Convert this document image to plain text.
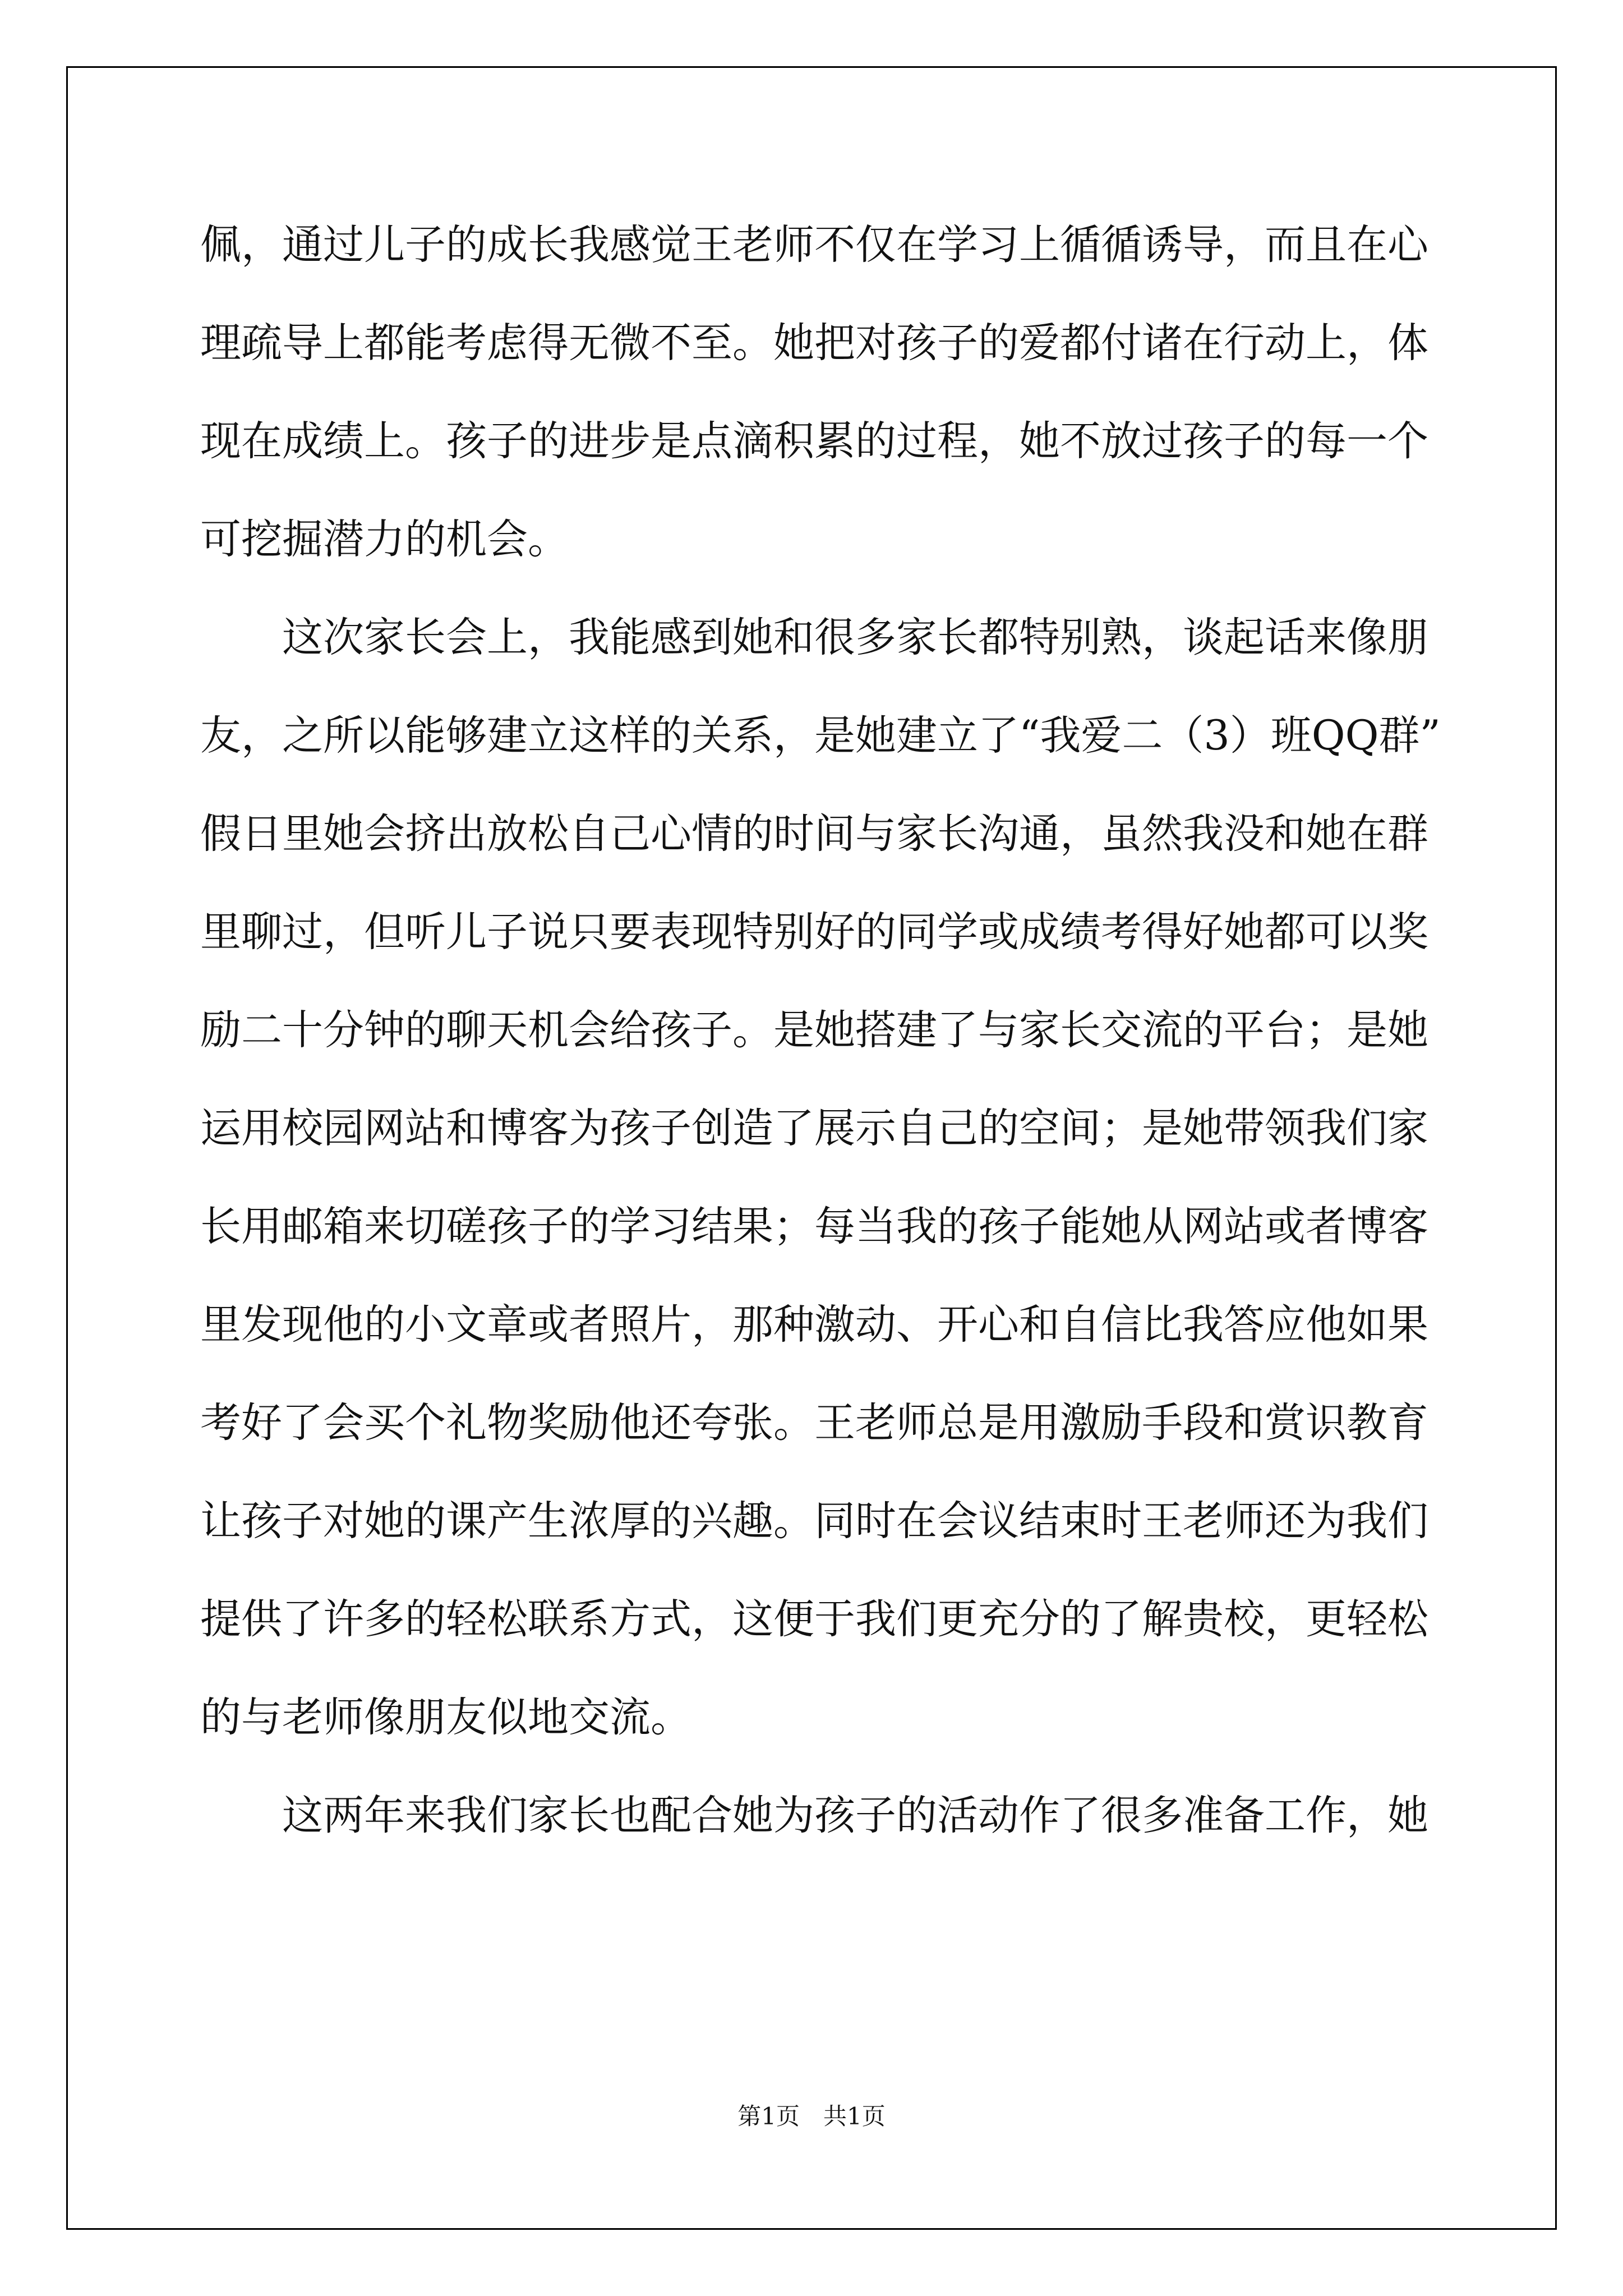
佩，通过儿子的成长我感觉王老师不仅在学习上循循诱导，而且在心
理疏导上都能考虑得无微不至。她把对孩子的爱都付诸在行动上，体
现在成绩上。孩子的进步是点滴积累的过程，她不放过孩子的每一个
可挖掘潜力的机会。
这次家长会上，我能感到她和很多家长都特别熟，谈起话来像朋
友，之所以能够建立这样的关系，是她建立了“我爱二（3）班QQ群”
假日里她会挤出放松自己心情的时间与家长沟通，虽然我没和她在群
里聊过，但听儿子说只要表现特别好的同学或成绩考得好她都可以奖
励二十分钟的聊天机会给孩子。是她搭建了与家长交流的平台；是她
运用校园网站和博客为孩子创造了展示自己的空间；是她带领我们家
长用邮箱来切磋孩子的学习结果；每当我的孩子能她从网站或者博客
里发现他的小文章或者照片，那种激动、开心和自信比我答应他如果
考好了会买个礼物奖励他还夸张。王老师总是用激励手段和赏识教育
让孩子对她的课产生浓厚的兴趣。同时在会议结束时王老师还为我们
提供了许多的轻松联系方式，这便于我们更充分的了解贵校，更轻松
的与老师像朋友似地交流。
这两年来我们家长也配合她为孩子的活动作了很多准备工作，她
第1页　共1页
